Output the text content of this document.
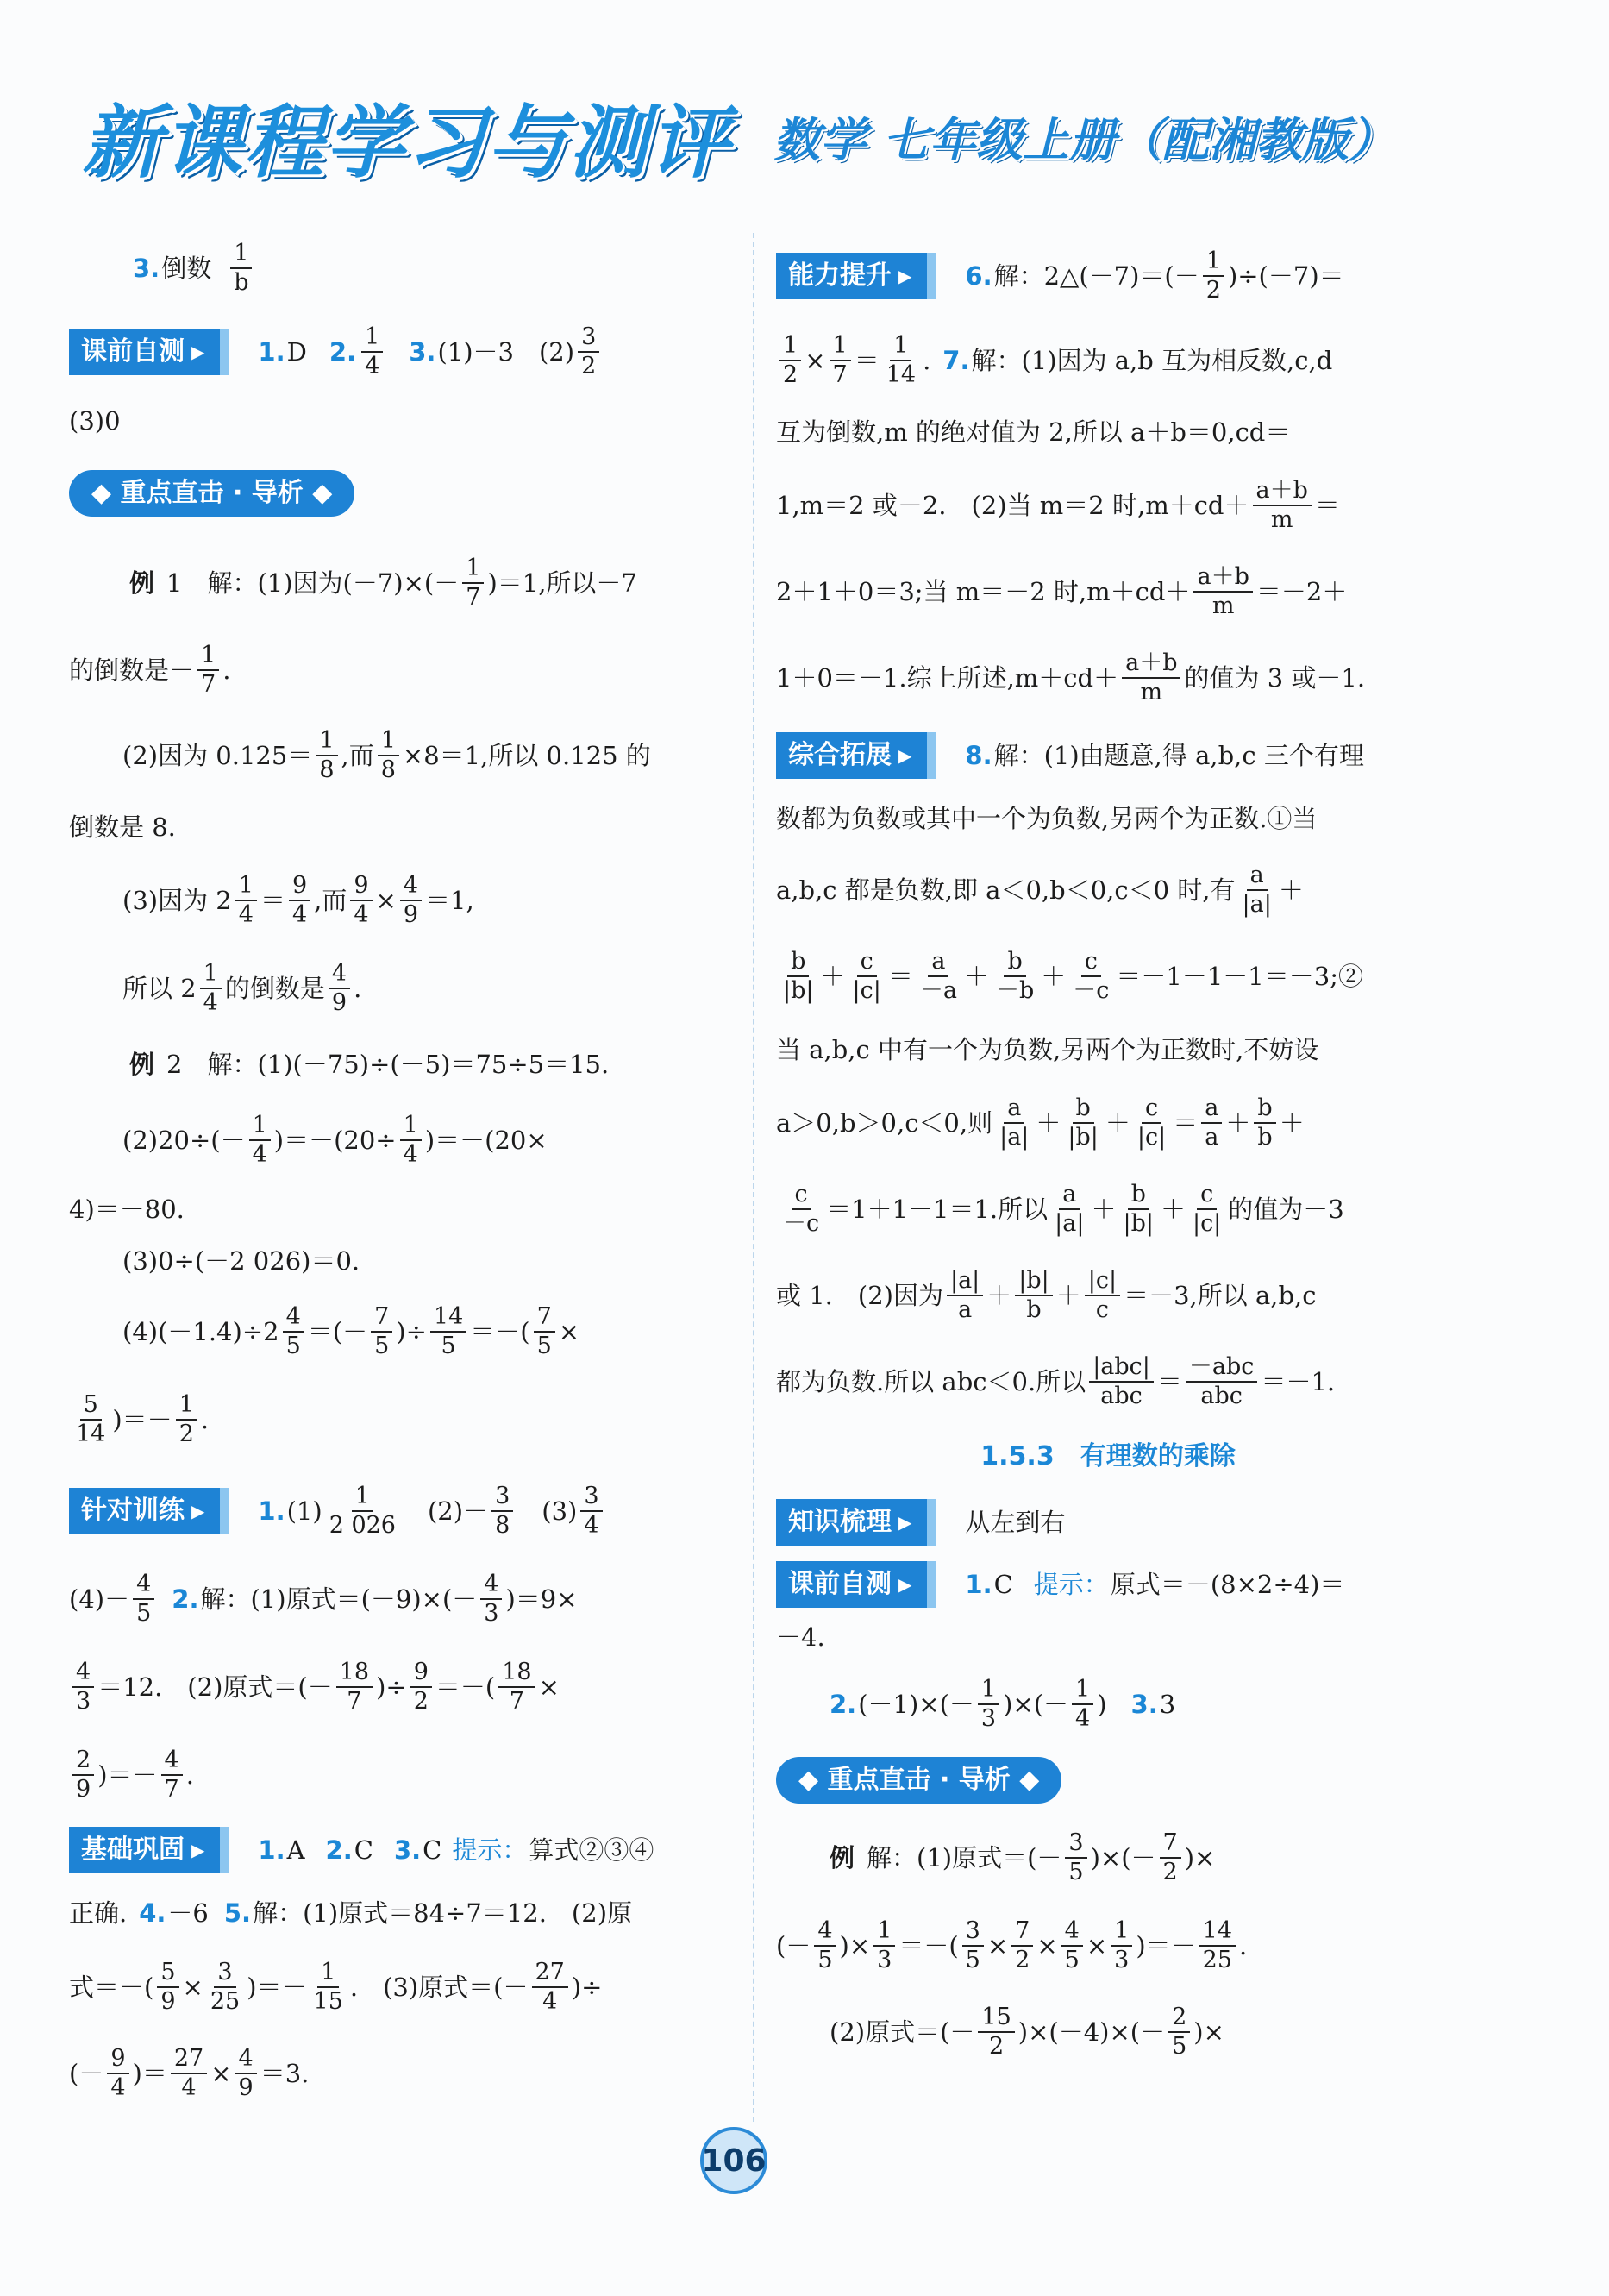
新课程学习与测评 数学 七年级上册（配湘教版）
3. 倒数 $\frac{1}{b}$
课前自测 ▶	1. D 2. $\frac{1}{4} 3$. (1)－3　$(2) \frac{3}{2}$
(3)0
◆ 重点直击 · 导析 ◆
例 1　解：(1)因为$(-7)\times(- \frac{1}{7} )=1$,所以－7
的倒数是－ $\frac{1}{7}$ .
(2)因为 $0.125= \frac{1}{8}$ ,而 $\frac{1}{8} \times 8=1$,所以 0.125 的
倒数是 8.
(3)因为 $2 \frac{1}{4} = \frac{9}{4}$ ,而 $\frac{9}{4} \times \frac{4}{9} =1$,
所以 $2 \frac{1}{4}$ 的倒数是 $\frac{4}{9}$ .
例 2　解：(1)(－75)÷(－5)＝75÷5＝15.
$(2)20\div(- \frac{1}{4} )=-(20\div \frac{1}{4} )=-(20\times$
4)＝－80.
(3)0÷(－2 026)＝0.
$(4)(-1.4)\div 2 \frac{4}{5}$ ＝(－ $\frac{7}{5}$ )÷ $\frac{14}{5}$ ＝－( $\frac{7}{5}$ ×
$\frac{5}{14}$ )＝－ $\frac{1}{2}$ .
针对训练 ▶	1. $(1) \frac{1}{2 026}$ 　$(2)- \frac{3}{8}$ 　$(3) \frac{3}{4}$
$(4)- \frac{4}{5} 2$. 解：(1)原式$=(-9)\times(- \frac{4}{3} )=9\times$
$\frac{4}{3} =12$.　(2)原式＝(－ $\frac{18}{7}$ )÷ $\frac{9}{2}$ ＝－( $\frac{18}{7}$ ×
$\frac{2}{9}$ )＝－ $\frac{4}{7}$ .
基础巩固 ▶	1. A 2. C 3. C 提示： 算式②③④
正确. 4. －6 5. 解：(1)原式＝84÷7＝12.　(2)原
式＝－( $\frac{5}{9} \times \frac{3}{25}$ )＝－ $\frac{1}{15}$ .　(3)原式＝(－ $\frac{27}{4}$ )÷
(－ $\frac{9}{4}$ )＝ $\frac{27}{4} \times \frac{4}{9} =3$.
能力提升 ▶	6. 解：2△(－7)＝(－ $\frac{1}{2} )\div(-7)=$
$\frac{1}{2} \times \frac{1}{7} = \frac{1}{14}$ . 7. 解：(1)因为 a,b 互为相反数,c,d
互为倒数,m 的绝对值为 2,所以 a＋b＝0,cd＝
1,m＝2 或－2.　(2)当 m＝2 时$,m+cd+ \frac{a+b}{m}$ ＝
2＋1＋0＝3;当 m＝－2 时$,m+cd+ \frac{a+b}{m} =-2+$
1＋0＝－1.综上所述$,m+cd+ \frac{a+b}{m}$ 的值为 3 或－1.
综合拓展 ▶	8. 解：(1)由题意,得 a,b,c 三个有理
数都为负数或其中一个为负数,另两个为正数.①当
a,b,c 都是负数,即 a＜0,b＜0,c＜0 时,有 $\frac{a}{|a|}$ ＋
$\frac{b}{|b|} + \frac{c}{|c|} = \frac{a}{-a} + \frac{b}{-b} + \frac{c}{-c}$ ＝－1－1－1＝－3;②
当 a,b,c 中有一个为负数,另两个为正数时,不妨设
a＞0,b＞0,c＜0,则 $\frac{a}{|a|} + \frac{b}{|b|} + \frac{c}{|c|} = \frac{a}{a} + \frac{b}{b}$ ＋
$\frac{c}{-c} =1+1-1=1$.所以 $\frac{a}{|a|} + \frac{b}{|b|} + \frac{c}{|c|}$ 的值为－3
或 1.　(2)因为 $\frac{|a|}{a} + \frac{|b|}{b} + \frac{|c|}{c} =-3$,所以 a,b,c
都为负数.所以 abc＜0.所以 $\frac{\text{|abc|}}{\text{abc}} = \frac{\text{－abc}}{\text{abc}} =-1$.
1.5.3　有理数的乘除
知识梳理 ▶	从左到右
课前自测 ▶	1. C 提示： 原式＝－(8×2÷4)＝
－4.
2. $(-1)\times(- \frac{1}{3}$ )×(－ $\frac{1}{4}$ ) 3. 3
◆ 重点直击 · 导析 ◆
例 解：(1)原式＝(－ $\frac{3}{5}$ )×(－ $\frac{7}{2}$ )×
(－ $\frac{4}{5}$ )× $\frac{1}{3}$ ＝－( $\frac{3}{5} \times \frac{7}{2} \times \frac{4}{5} \times \frac{1}{3}$ )＝－ $\frac{14}{25}$ .
(2)原式＝(－ $\frac{15}{2} )\times(-4)\times(- \frac{2}{5}$ )×
106
